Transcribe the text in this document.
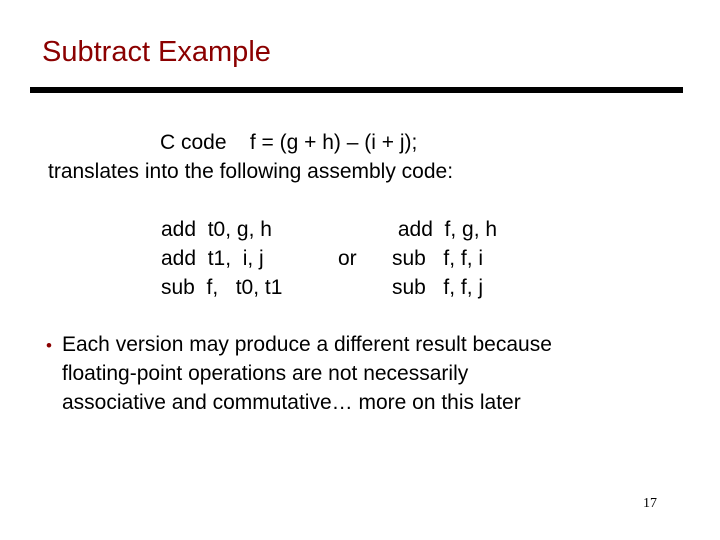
Subtract Example
C code    f = (g + h) – (i + j);
translates into the following assembly code:
add  t0, g, h
add  t1,  i, j
sub  f,   t0, t1
or
add  f, g, h
sub   f, f, i
sub   f, f, j
• Each version may produce a different result because
floating-point operations are not necessarily
associative and commutative… more on this later
17
